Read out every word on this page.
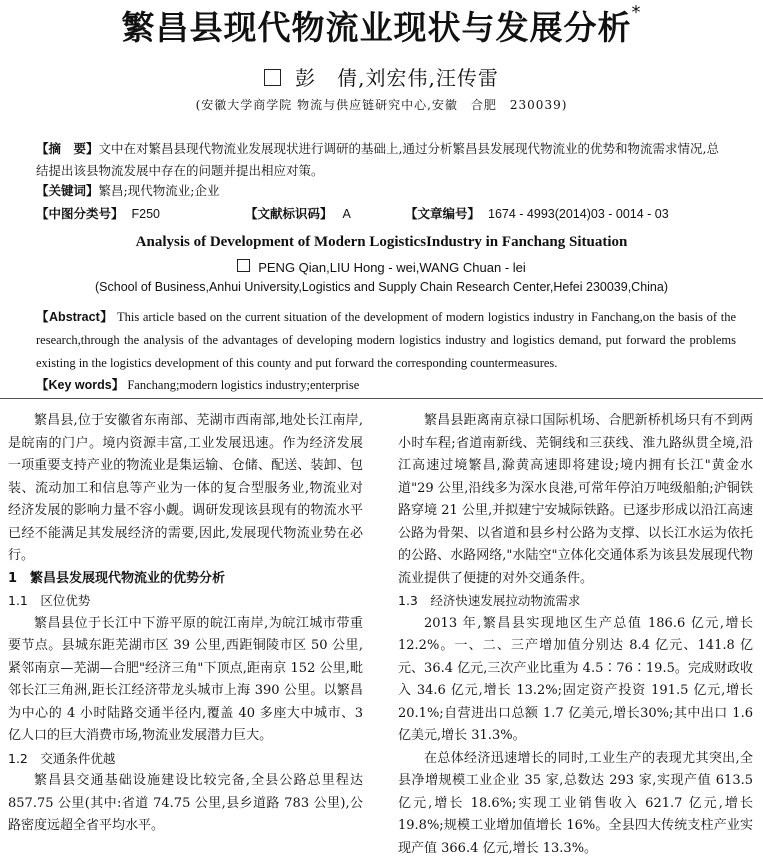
繁昌县现代物流业现状与发展分析*
彭　倩,刘宏伟,汪传雷
(安徽大学商学院 物流与供应链研究中心,安徽　合肥　230039)
【摘　要】文中在对繁昌县现代物流业发展现状进行调研的基础上,通过分析繁昌县发展现代物流业的优势和物流需求情况,总结提出该县物流发展中存在的问题并提出相应对策。
【关键词】繁昌;现代物流业;企业
【中图分类号】 F250	【文献标识码】 A	【文章编号】 1674 - 4993(2014)03 - 0014 - 03
Analysis of Development of Modern LogisticsIndustry in Fanchang Situation
PENG Qian,LIU Hong - wei,WANG Chuan - lei
(School of Business,Anhui University,Logistics and Supply Chain Research Center,Hefei 230039,China)
【Abstract】 This article based on the current situation of the development of modern logistics industry in Fanchang,on the basis of the research,through the analysis of the advantages of developing modern logistics industry and logistics demand, put forward the problems existing in the logistics development of this county and put forward the corresponding countermeasures.
【Key words】 Fanchang;modern logistics industry;enterprise

繁昌县,位于安徽省东南部、芜湖市西南部,地处长江南岸,是皖南的门户。境内资源丰富,工业发展迅速。作为经济发展一项重要支持产业的物流业是集运输、仓储、配送、装卸、包装、流动加工和信息等产业为一体的复合型服务业,物流业对经济发展的影响力量不容小觑。调研发现该县现有的物流水平已经不能满足其发展经济的需要,因此,发展现代物流业势在必行。

1　繁昌县发展现代物流业的优势分析
1.1　区位优势

繁昌县位于长江中下游平原的皖江南岸,为皖江城市带重要节点。县城东距芜湖市区 39 公里,西距铜陵市区 50 公里,紧邻南京—芜湖—合肥"经济三角"下顶点,距南京 152 公里,毗邻长江三角洲,距长江经济带龙头城市上海 390 公里。以繁昌为中心的 4 小时陆路交通半径内,覆盖 40 多座大中城市、3 亿人口的巨大消费市场,物流业发展潜力巨大。

1.2　交通条件优越

繁昌县交通基础设施建设比较完备,全县公路总里程达 857.75 公里(其中:省道 74.75 公里,县乡道路 783 公里),公路密度远超全省平均水平。

繁昌县距离南京禄口国际机场、合肥新桥机场只有不到两小时车程;省道南新线、芜铜线和三获线、淮九路纵贯全境,沿江高速过境繁昌,滁黄高速即将建设;境内拥有长江"黄金水道"29 公里,沿线多为深水良港,可常年停泊万吨级船舶;沪铜铁路穿境 21 公里,并拟建宁安城际铁路。已逐步形成以沿江高速公路为骨架、以省道和县乡村公路为支撑、以长江水运为依托的公路、水路网络,"水陆空"立体化交通体系为该县发展现代物流业提供了便捷的对外交通条件。

1.3　经济快速发展拉动物流需求

2013 年,繁昌县实现地区生产总值 186.6 亿元,增长 12.2%。一、二、三产增加值分别达 8.4 亿元、141.8 亿元、36.4 亿元,三次产业比重为 4.5∶76∶19.5。完成财政收入 34.6 亿元,增长 13.2%;固定资产投资 191.5 亿元,增长 20.1%;自营进出口总额 1.7 亿美元,增长30%;其中出口 1.6 亿美元,增长 31.3%。

在总体经济迅速增长的同时,工业生产的表现尤其突出,全县净增规模工业企业 35 家,总数达 293 家,实现产值 613.5 亿元,增长 18.6%;实现工业销售收入 621.7 亿元,增长 19.8%;规模工业增加值增长 16%。全县四大传统支柱产业实现产值 366.4 亿元,增长 13.3%。
